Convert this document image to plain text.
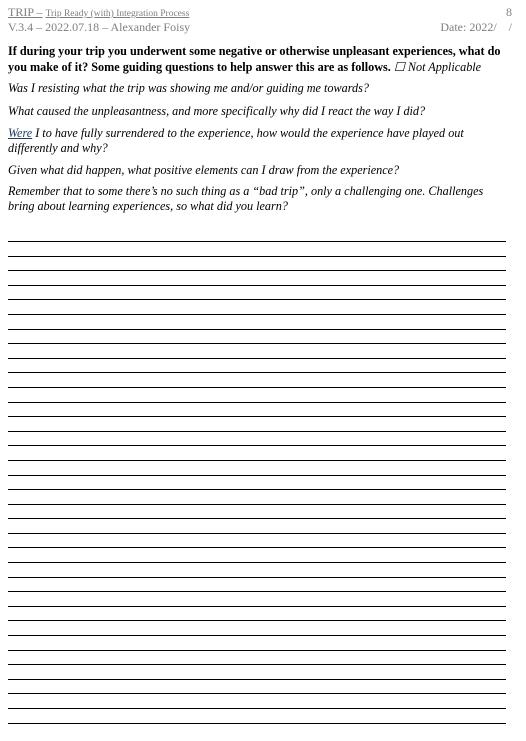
TRIP – Trip Ready (with) Integration Process	8
V.3.4 – 2022.07.18 – Alexander Foisy	Date: 2022/ /

If during your trip you underwent some negative or otherwise unpleasant experiences, what do you make of it? Some guiding questions to help answer this are as follows. ☐ Not Applicable

Was I resisting what the trip was showing me and/or guiding me towards?

What caused the unpleasantness, and more specifically why did I react the way I did?

Were I to have fully surrendered to the experience, how would the experience have played out differently and why?

Given what did happen, what positive elements can I draw from the experience?

Remember that to some there’s no such thing as a “bad trip”, only a challenging one. Challenges bring about learning experiences, so what did you learn?
